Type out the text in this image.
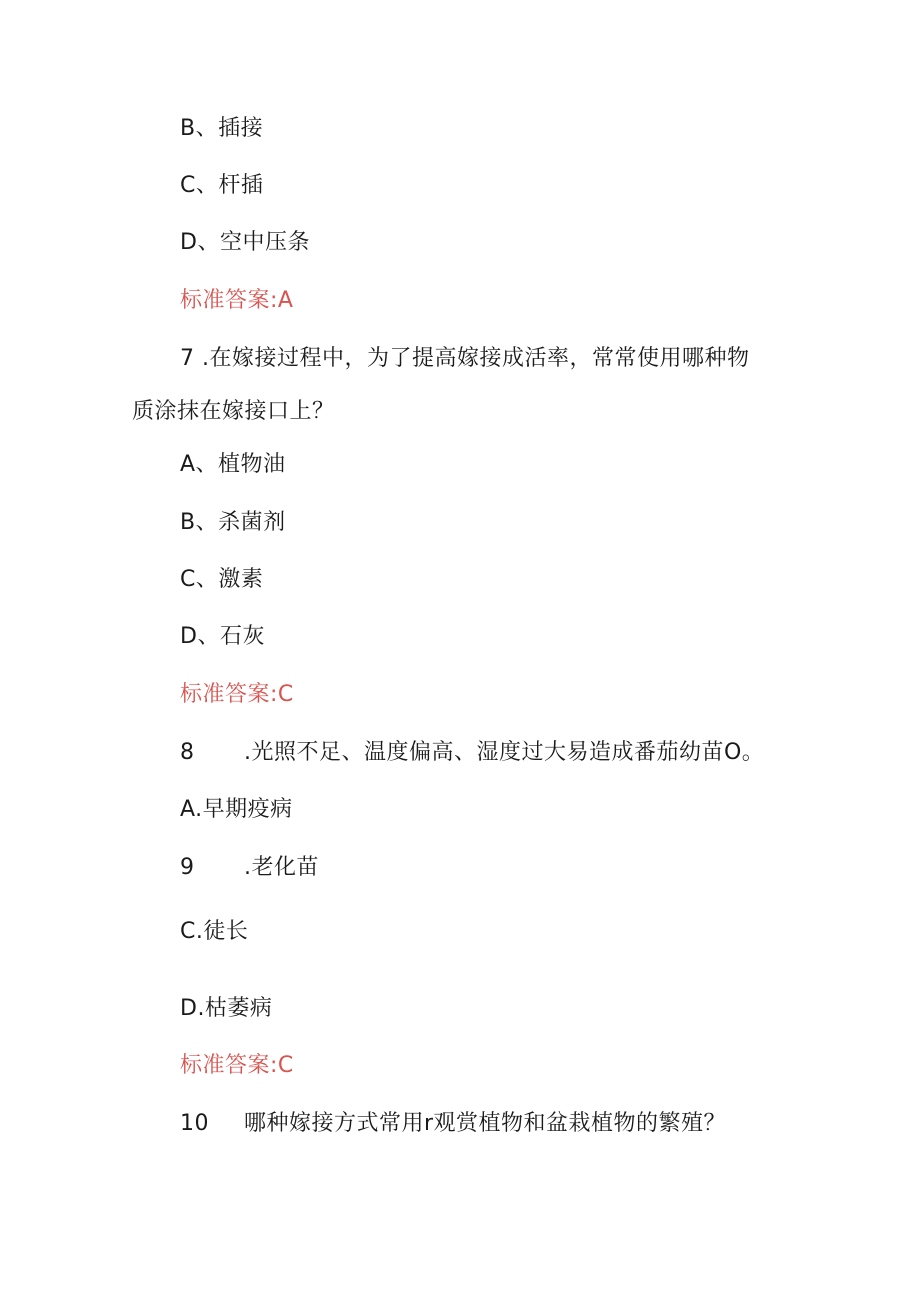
B、插接
C、杆插
D、空中压条
标准答案:A
7 .在嫁接过程中，为了提高嫁接成活率，常常使用哪种物
质涂抹在嫁接口上？
A、植物油
B、杀菌剂
C、激素
D、石灰
标准答案:C
8 .光照不足、温度偏高、湿度过大易造成番茄幼苗O。
A.早期疫病
9 .老化苗
C.徒长
D.枯萎病
标准答案:C
10 哪种嫁接方式常用r观赏植物和盆栽植物的繁殖？
